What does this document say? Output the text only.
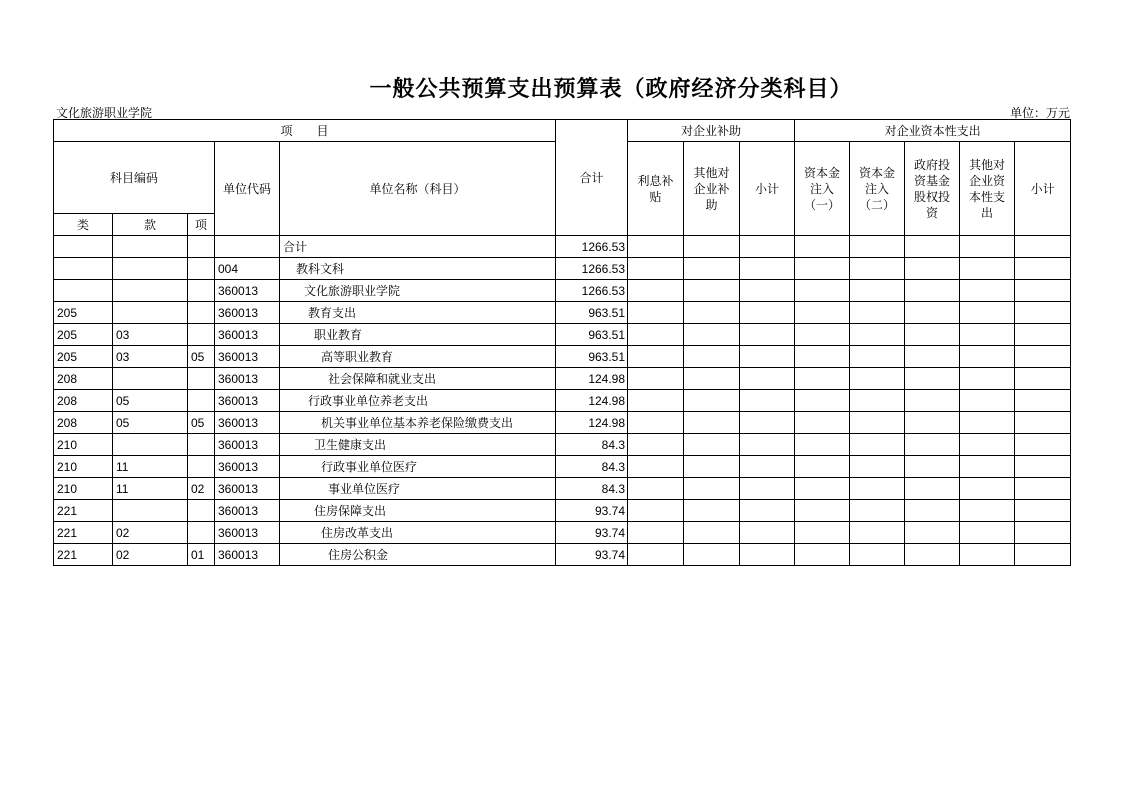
一般公共预算支出预算表（政府经济分类科目）
文化旅游职业学院	单位：万元
项　　目					合计	对企业补助			对企业资本性支出				
科目编码			单位代码	单位名称（科目）		利息补贴	其他对企业补助	小计	资本金注入（一）	资本金注入（二）	政府投资基金股权投资	其他对企业资本性支出	小计
类	款	项											
				合计	1266.53								
			004	教科文科	1266.53								
			360013	文化旅游职业学院	1266.53								
205			360013	教育支出	963.51								
205	03		360013	职业教育	963.51								
205	03	05	360013	高等职业教育	963.51								
208			360013	社会保障和就业支出	124.98								
208	05		360013	行政事业单位养老支出	124.98								
208	05	05	360013	机关事业单位基本养老保险缴费支出	124.98								
210			360013	卫生健康支出	84.3								
210	11		360013	行政事业单位医疗	84.3								
210	11	02	360013	事业单位医疗	84.3								
221			360013	住房保障支出	93.74								
221	02		360013	住房改革支出	93.74								
221	02	01	360013	住房公积金	93.74								
